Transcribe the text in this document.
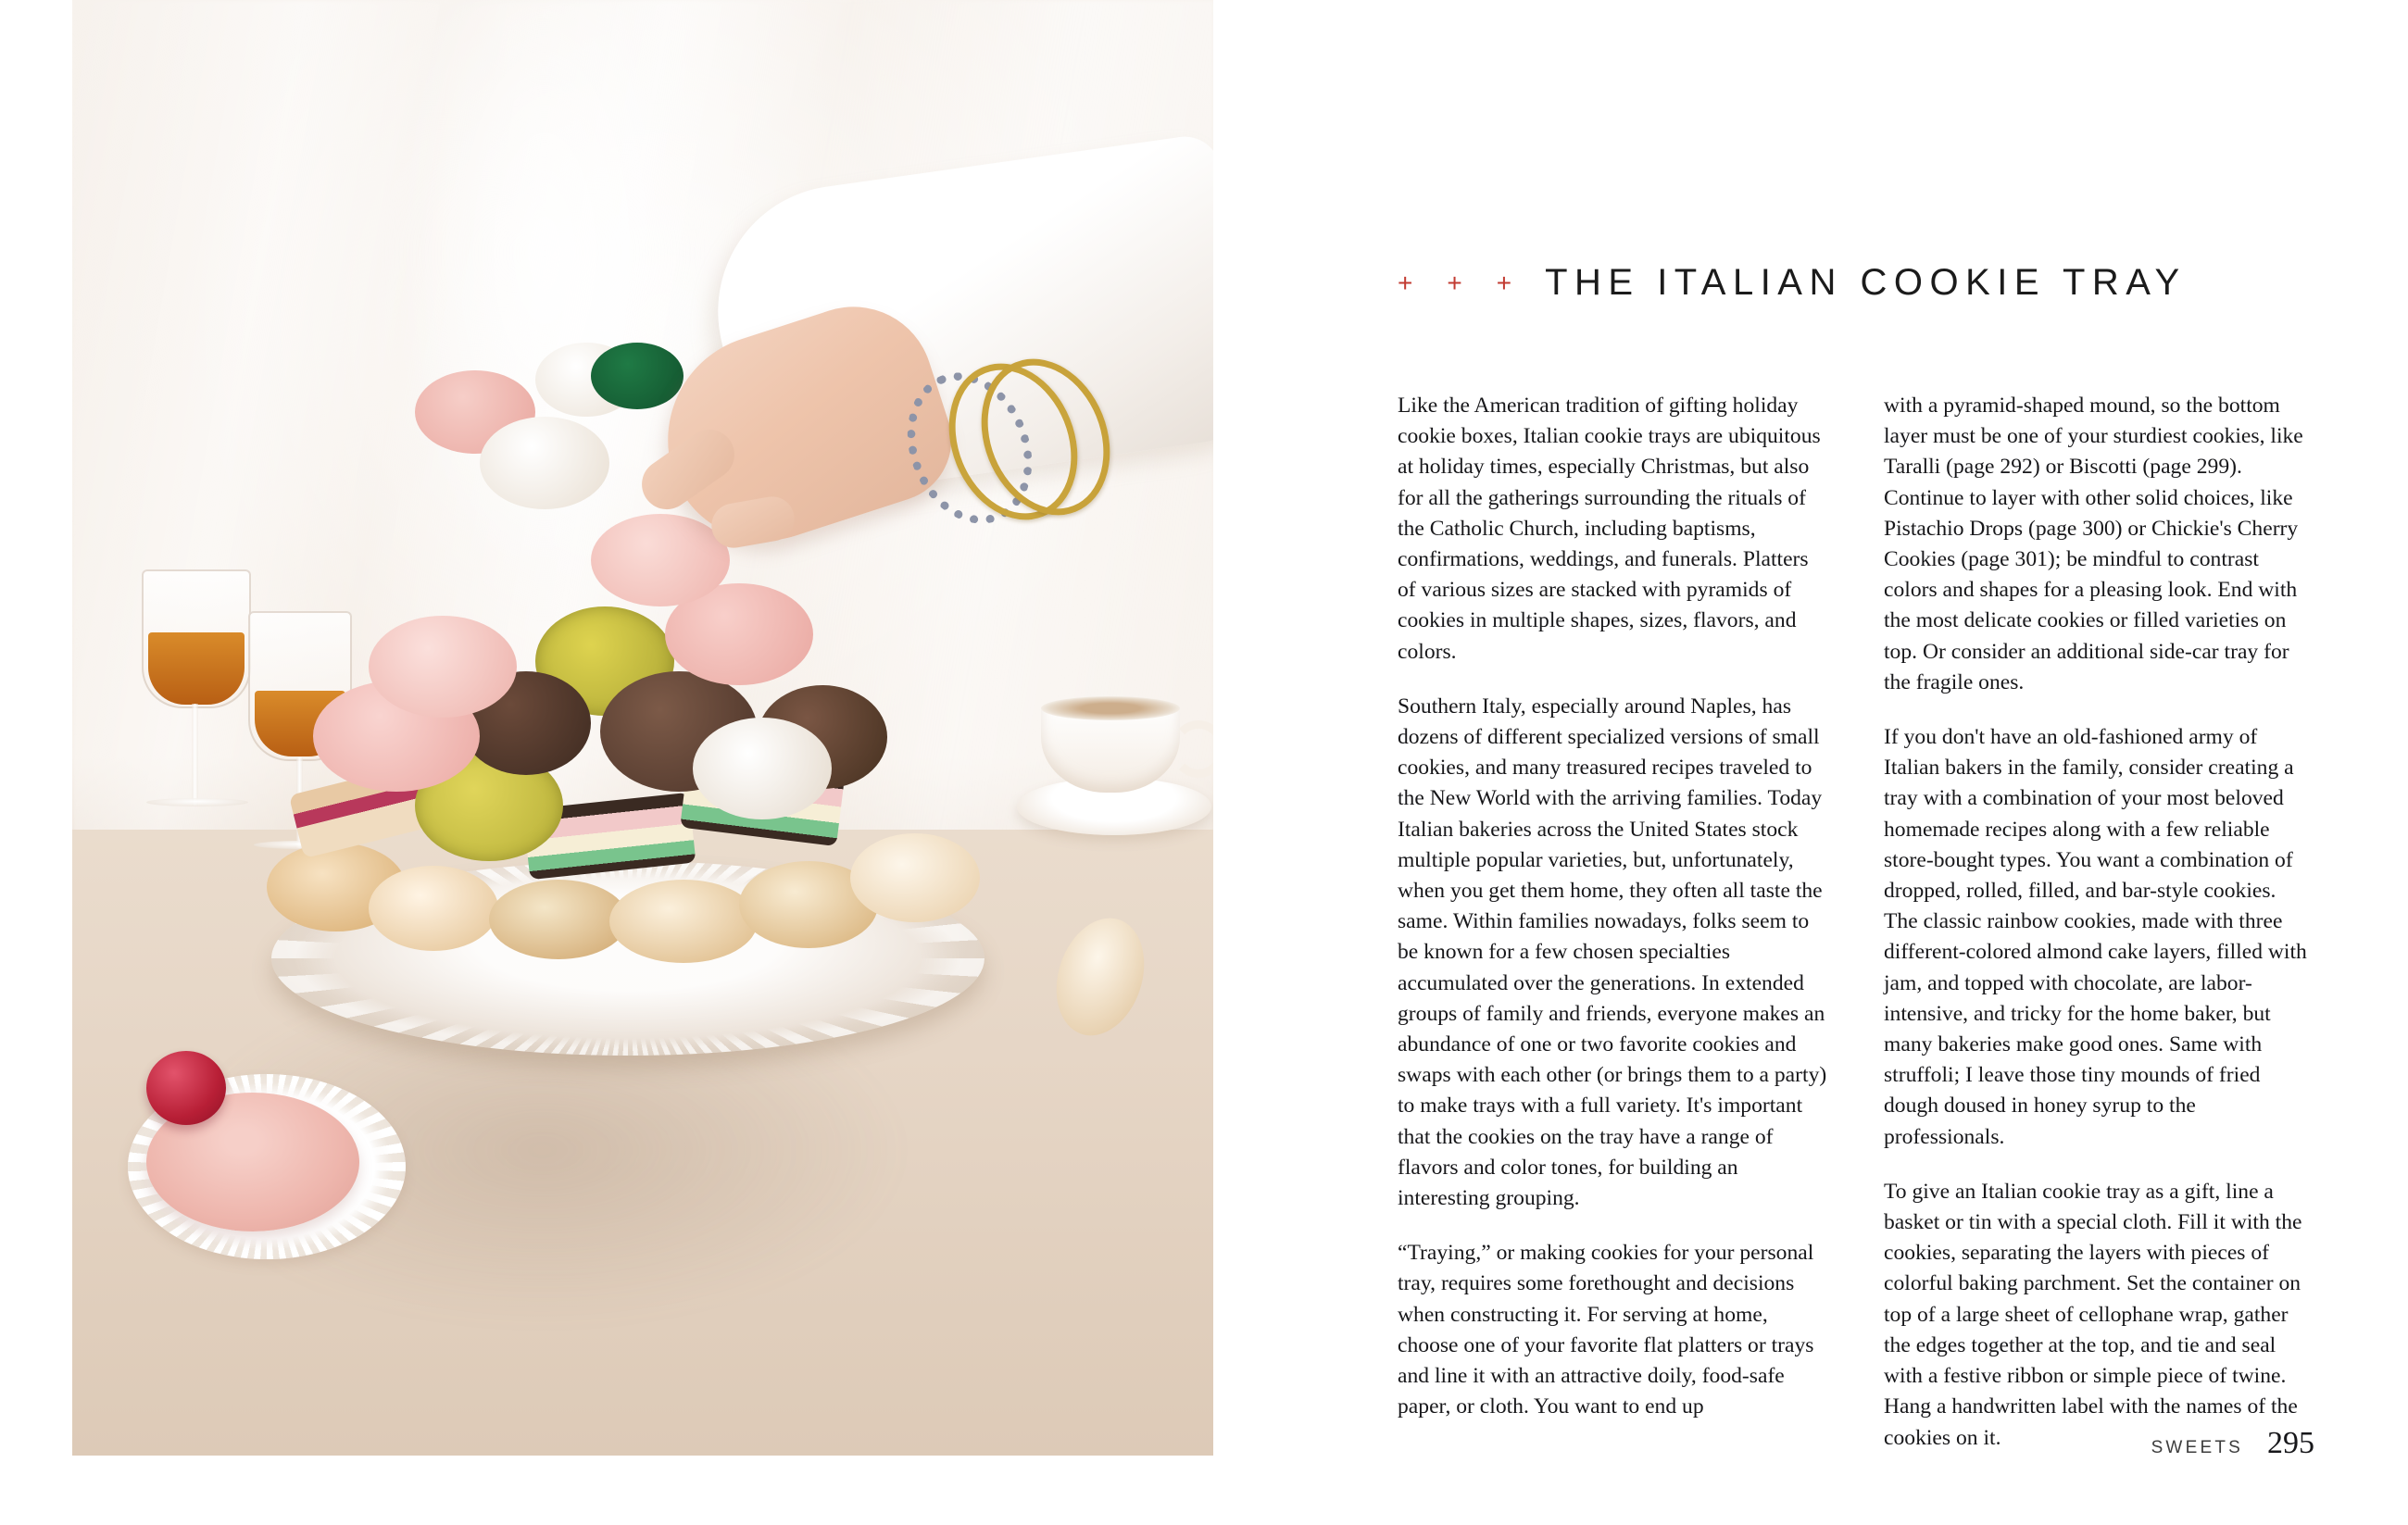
+ + + THE ITALIAN COOKIE TRAY

Like the American tradition of gifting holiday cookie boxes, Italian cookie trays are ubiquitous at holiday times, especially Christmas, but also for all the gatherings surrounding the rituals of the Catholic Church, including baptisms, confirmations, weddings, and funerals. Platters of various sizes are stacked with pyramids of cookies in multiple shapes, sizes, flavors, and colors.

Southern Italy, especially around Naples, has dozens of different specialized versions of small cookies, and many treasured recipes traveled to the New World with the arriving families. Today Italian bakeries across the United States stock multiple popular varieties, but, unfortunately, when you get them home, they often all taste the same. Within families nowadays, folks seem to be known for a few chosen specialties accumulated over the generations. In extended groups of family and friends, everyone makes an abundance of one or two favorite cookies and swaps with each other (or brings them to a party) to make trays with a full variety. It's important that the cookies on the tray have a range of flavors and color tones, for building an interesting grouping.

“Traying,” or making cookies for your personal tray, requires some forethought and decisions when constructing it. For serving at home, choose one of your favorite flat platters or trays and line it with an attractive doily, food-safe paper, or cloth. You want to end up

with a pyramid-shaped mound, so the bottom layer must be one of your sturdiest cookies, like Taralli (page 292) or Biscotti (page 299). Continue to layer with other solid choices, like Pistachio Drops (page 300) or Chickie's Cherry Cookies (page 301); be mindful to contrast colors and shapes for a pleasing look. End with the most delicate cookies or filled varieties on top. Or consider an additional side-car tray for the fragile ones.

If you don't have an old-fashioned army of Italian bakers in the family, consider creating a tray with a combination of your most beloved homemade recipes along with a few reliable store-bought types. You want a combination of dropped, rolled, filled, and bar-style cookies. The classic rainbow cookies, made with three different-colored almond cake layers, filled with jam, and topped with chocolate, are labor-intensive, and tricky for the home baker, but many bakeries make good ones. Same with struffoli; I leave those tiny mounds of fried dough doused in honey syrup to the professionals.

To give an Italian cookie tray as a gift, line a basket or tin with a special cloth. Fill it with the cookies, separating the layers with pieces of colorful baking parchment. Set the container on top of a large sheet of cellophane wrap, gather the edges together at the top, and tie and seal with a festive ribbon or simple piece of twine. Hang a handwritten label with the names of the cookies on it.	SWEETS 295
